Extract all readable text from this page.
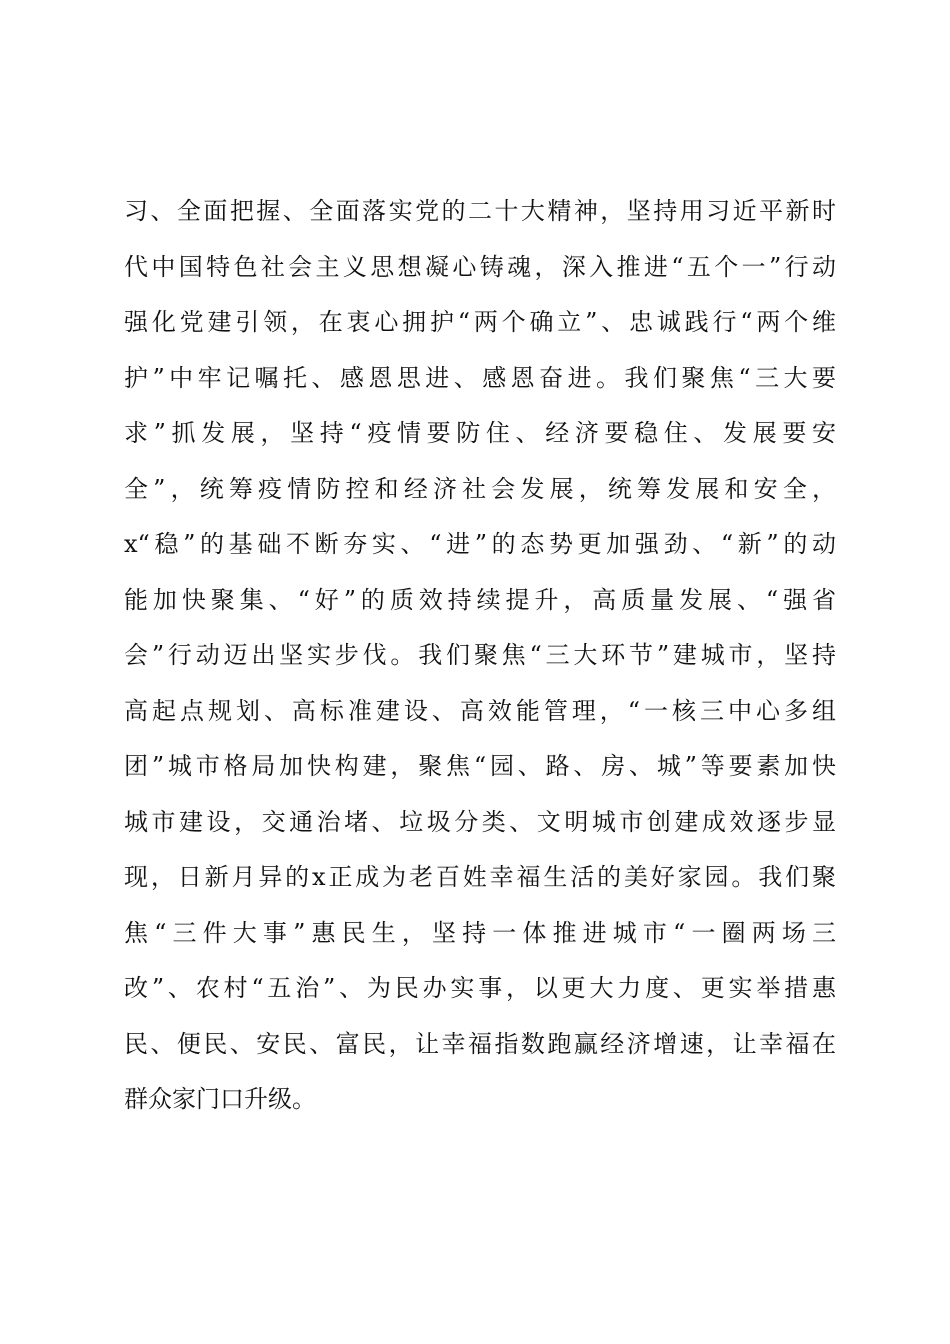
习、全面把握、全面落实党的二十大精神，坚持用习近平新时
代中国特色社会主义思想凝心铸魂，深入推进“五个一”行动
强化党建引领，在衷心拥护“两个确立”、忠诚践行“两个维
护”中牢记嘱托、感恩思进、感恩奋进。我们聚焦“三大要
求”抓发展，坚持“疫情要防住、经济要稳住、发展要安
全”，统筹疫情防控和经济社会发展，统筹发展和安全，
x“稳”的基础不断夯实、“进”的态势更加强劲、“新”的动
能加快聚集、“好”的质效持续提升，高质量发展、“强省
会”行动迈出坚实步伐。我们聚焦“三大环节”建城市，坚持
高起点规划、高标准建设、高效能管理，“一核三中心多组
团”城市格局加快构建，聚焦“园、路、房、城”等要素加快
城市建设，交通治堵、垃圾分类、文明城市创建成效逐步显
现，日新月异的x正成为老百姓幸福生活的美好家园。我们聚
焦“三件大事”惠民生，坚持一体推进城市“一圈两场三
改”、农村“五治”、为民办实事，以更大力度、更实举措惠
民、便民、安民、富民，让幸福指数跑赢经济增速，让幸福在
群众家门口升级。
